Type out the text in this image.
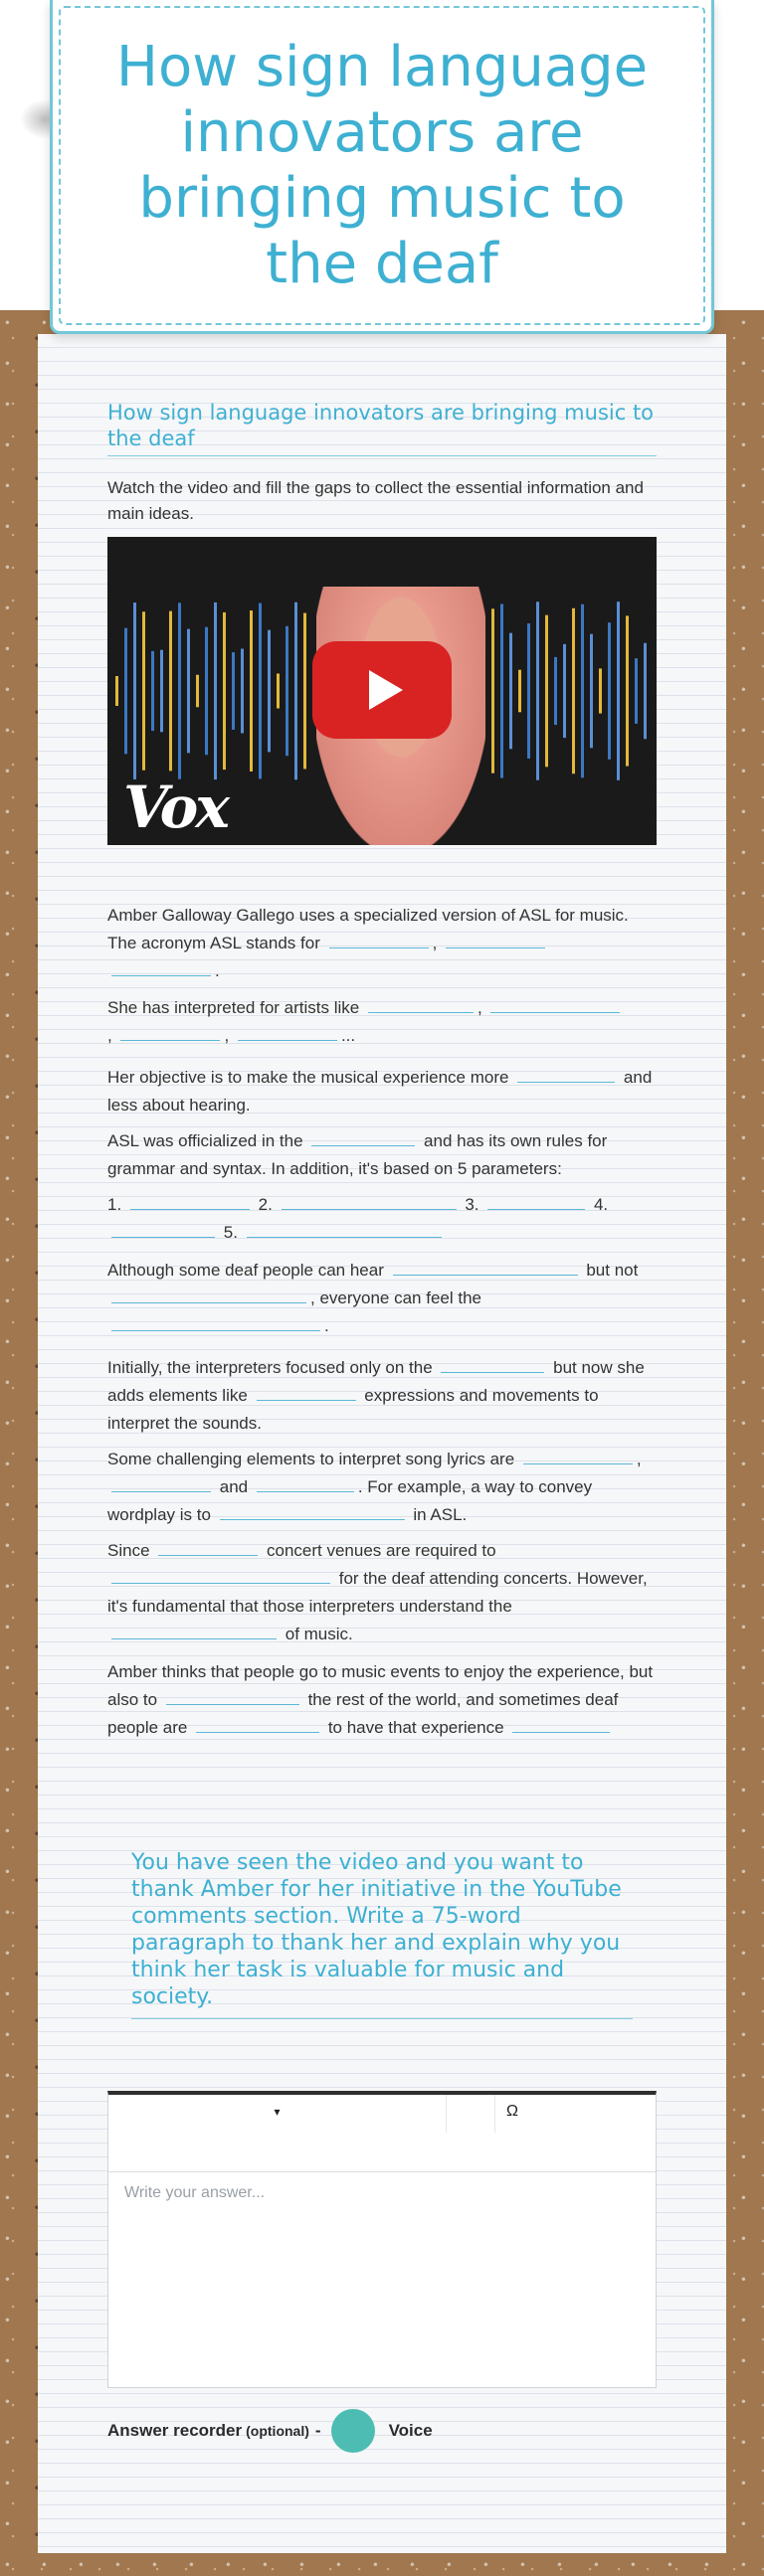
How sign language innovators are bringing music to the deaf
How sign language innovators are bringing music to the deaf
Watch the video and fill the gaps to collect the essential information and main ideas.
Vox
Amber Galloway Gallego uses a specialized version of ASL for music. The acronym ASL stands for	,  .
She has interpreted for artists like	,
,	,	...
Her objective is to make the musical experience more	and less about hearing.
ASL was officialized in the	and has its own rules for grammar and syntax. In addition, it's based on 5 parameters:
1.	2.	3.	4.
5.
Although some deaf people can hear	but not , everyone can feel the .
Initially, the interpreters focused only on the	but now she adds elements like	expressions and movements to interpret the sounds.
Some challenging elements to interpret song lyrics are	,  and	. For example, a way to convey wordplay is to	in ASL.
Since	concert venues are required to  for the deaf attending concerts. However, it's fundamental that those interpreters understand the  of music.
Amber thinks that people go to music events to enjoy the experience, but also to	the rest of the world, and sometimes deaf people are	to have that experience
You have seen the video and you want to thank Amber for her initiative in the YouTube comments section. Write a 75-word paragraph to thank her and explain why you think her task is valuable for music and society.
▾	Ω
Write your answer...
Answer recorder (optional) -	Voice
